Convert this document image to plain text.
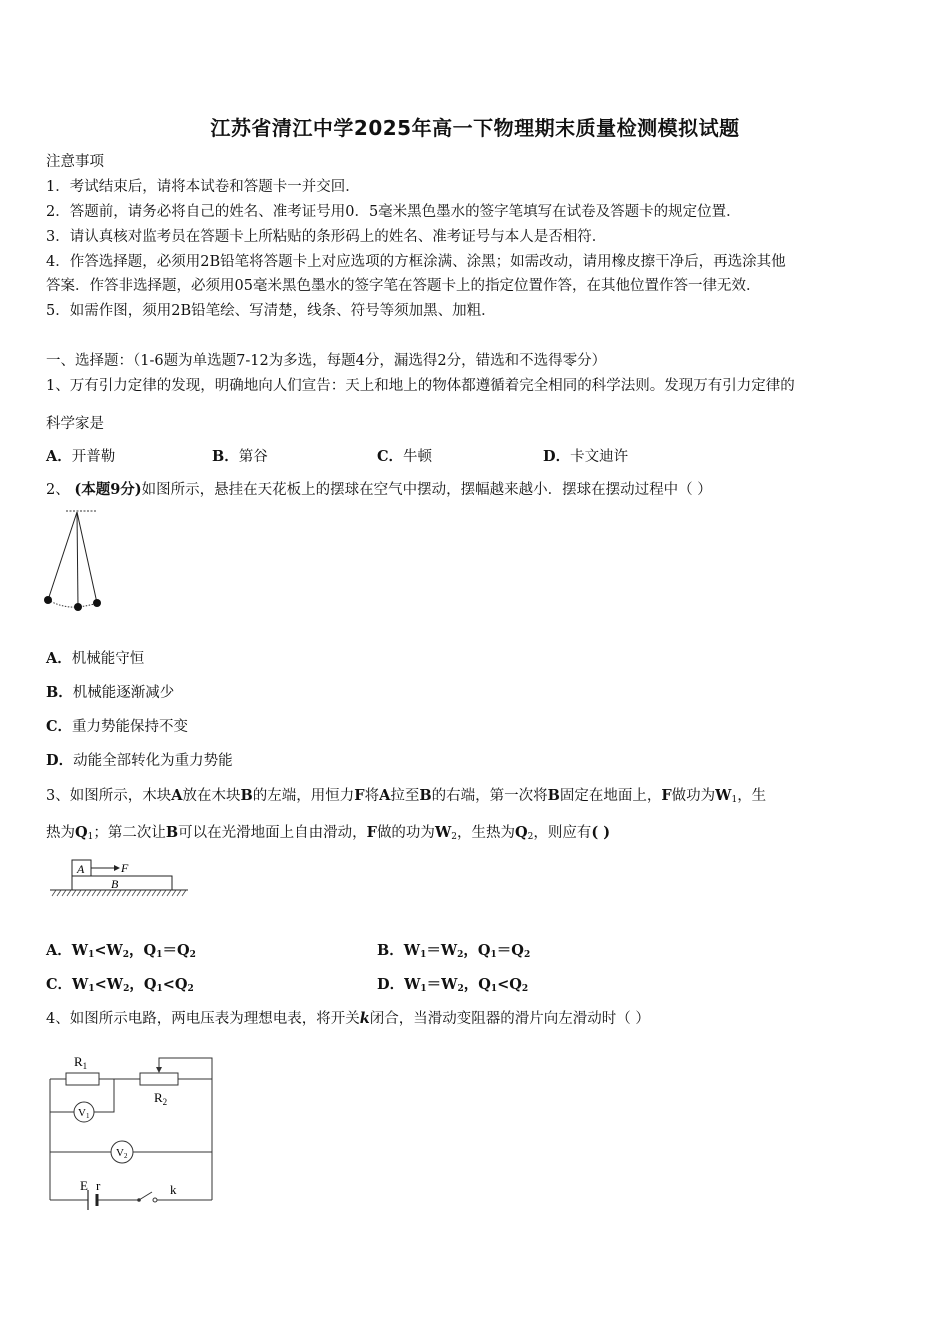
江苏省清江中学2025年高一下物理期末质量检测模拟试题
注意事项
1．考试结束后，请将本试卷和答题卡一并交回．
2．答题前，请务必将自己的姓名、准考证号用0．5毫米黑色墨水的签字笔填写在试卷及答题卡的规定位置．
3．请认真核对监考员在答题卡上所粘贴的条形码上的姓名、准考证号与本人是否相符．
4．作答选择题，必须用2B铅笔将答题卡上对应选项的方框涂满、涂黑；如需改动，请用橡皮擦干净后，再选涂其他
答案．作答非选择题，必须用05毫米黑色墨水的签字笔在答题卡上的指定位置作答，在其他位置作答一律无效．
5．如需作图，须用2B铅笔绘、写清楚，线条、符号等须加黑、加粗．
一、选择题：（1-6题为单选题7-12为多选，每题4分，漏选得2分，错选和不选得零分）
1、万有引力定律的发现，明确地向人们宣告：天上和地上的物体都遵循着完全相同的科学法则。发现万有引力定律的
科学家是
A．开普勒	B．第谷	C．牛顿	D．卡文迪许
2、 (本题9分)如图所示，悬挂在天花板上的摆球在空气中摆动，摆幅越来越小．摆球在摆动过程中（ ）
A．机械能守恒
B．机械能逐渐减少
C．重力势能保持不变
D．动能全部转化为重力势能
3、如图所示，木块A放在木块B的左端，用恒力F将A拉至B的右端，第一次将B固定在地面上，F做功为$W_1$，生
热为$Q_1$；第二次让B可以在光滑地面上自由滑动，F做的功为$W_2$，生热为$Q_2$，则应有( )
A	F
B
A．$W_1<W_2$，$Q_1=Q_2$	B．$W_1=W_2$，$Q_1=Q_2$
C．$W_1<W_2$，$Q_1<Q_2$	D．$W_1=W_2$，$Q_1<Q_2$
4、如图所示电路，两电压表为理想电表，将开关k闭合，当滑动变阻器的滑片向左滑动时（ ）
$R_1$
$R_2$
V1
V2
E r	k
